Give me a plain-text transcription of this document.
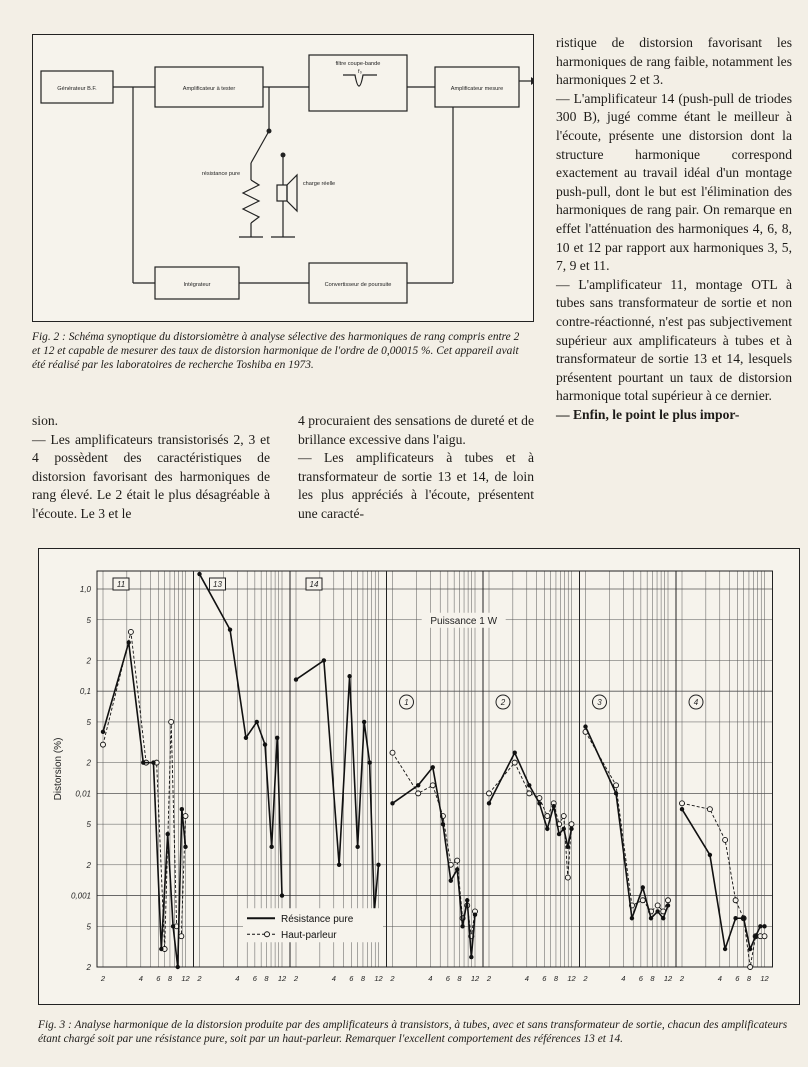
Générateur B.F.	Amplificateur à tester
filtre coupe-bande
f₀
Amplificateur mesure
Intégrateur	Convertisseur de poursuite
résistance pure
charge réelle
Fig. 2 : Schéma synoptique du distorsiomètre à analyse sélective des harmoniques de rang compris entre 2 et 12 et capable de mesurer des taux de distorsion harmonique de l'ordre de 0,00015 %. Cet appareil avait été réalisé par les laboratoires de recherche Toshiba en 1973.

ristique de distorsion favorisant les harmoniques de rang faible, notamment les harmoniques 2 et 3.

— L'amplificateur 14 (push-pull de triodes 300 B), jugé comme étant le meilleur à l'écoute, présente une distorsion dont la structure harmonique correspond exactement au travail idéal d'un montage push-pull, dont le but est l'élimination des harmoniques de rang pair. On remarque en effet l'atténuation des harmoniques 4, 6, 8, 10 et 12 par rapport aux harmoniques 3, 5, 7, 9 et 11.

— L'amplificateur 11, montage OTL à tubes sans transformateur de sortie et non contre-réactionné, n'est pas subjectivement supérieur aux amplificateurs à tubes et à transformateur de sortie 13 et 14, lesquels présentent pourtant un taux de distorsion harmonique total supérieur à ce dernier.

— Enfin, le point le plus impor-

sion.

— Les amplificateurs transistorisés 2, 3 et 4 possèdent des caractéristiques de distorsion favorisant des harmoniques de rang élevé. Le 2 était le plus désagréable à l'écoute. Le 3 et le

4 procuraient des sensations de dureté et de brillance excessive dans l'aigu.

— Les amplificateurs à tubes et à transformateur de sortie 13 et 14, de loin les plus appréciés à l'écoute, présentent une caracté-

1,0
5
2
0,1
5
2
0,01
5
2
0,001
5
2
2	4 6 8 12 2	4 6 8 12 2	4 6 8 12 2	4 6 8 12 2	4 6 8 12 2	4 6 8 12 2	4 6 8 12
Distorsion (%)
Puissance 1 W
11	13	14
1	2	3	4
Résistance pure
Haut-parleur
Fig. 3 : Analyse harmonique de la distorsion produite par des amplificateurs à transistors, à tubes, avec et sans transformateur de sortie, chacun des amplificateurs étant chargé soit par une résistance pure, soit par un haut-parleur. Remarquer l'excellent comportement des références 13 et 14.
